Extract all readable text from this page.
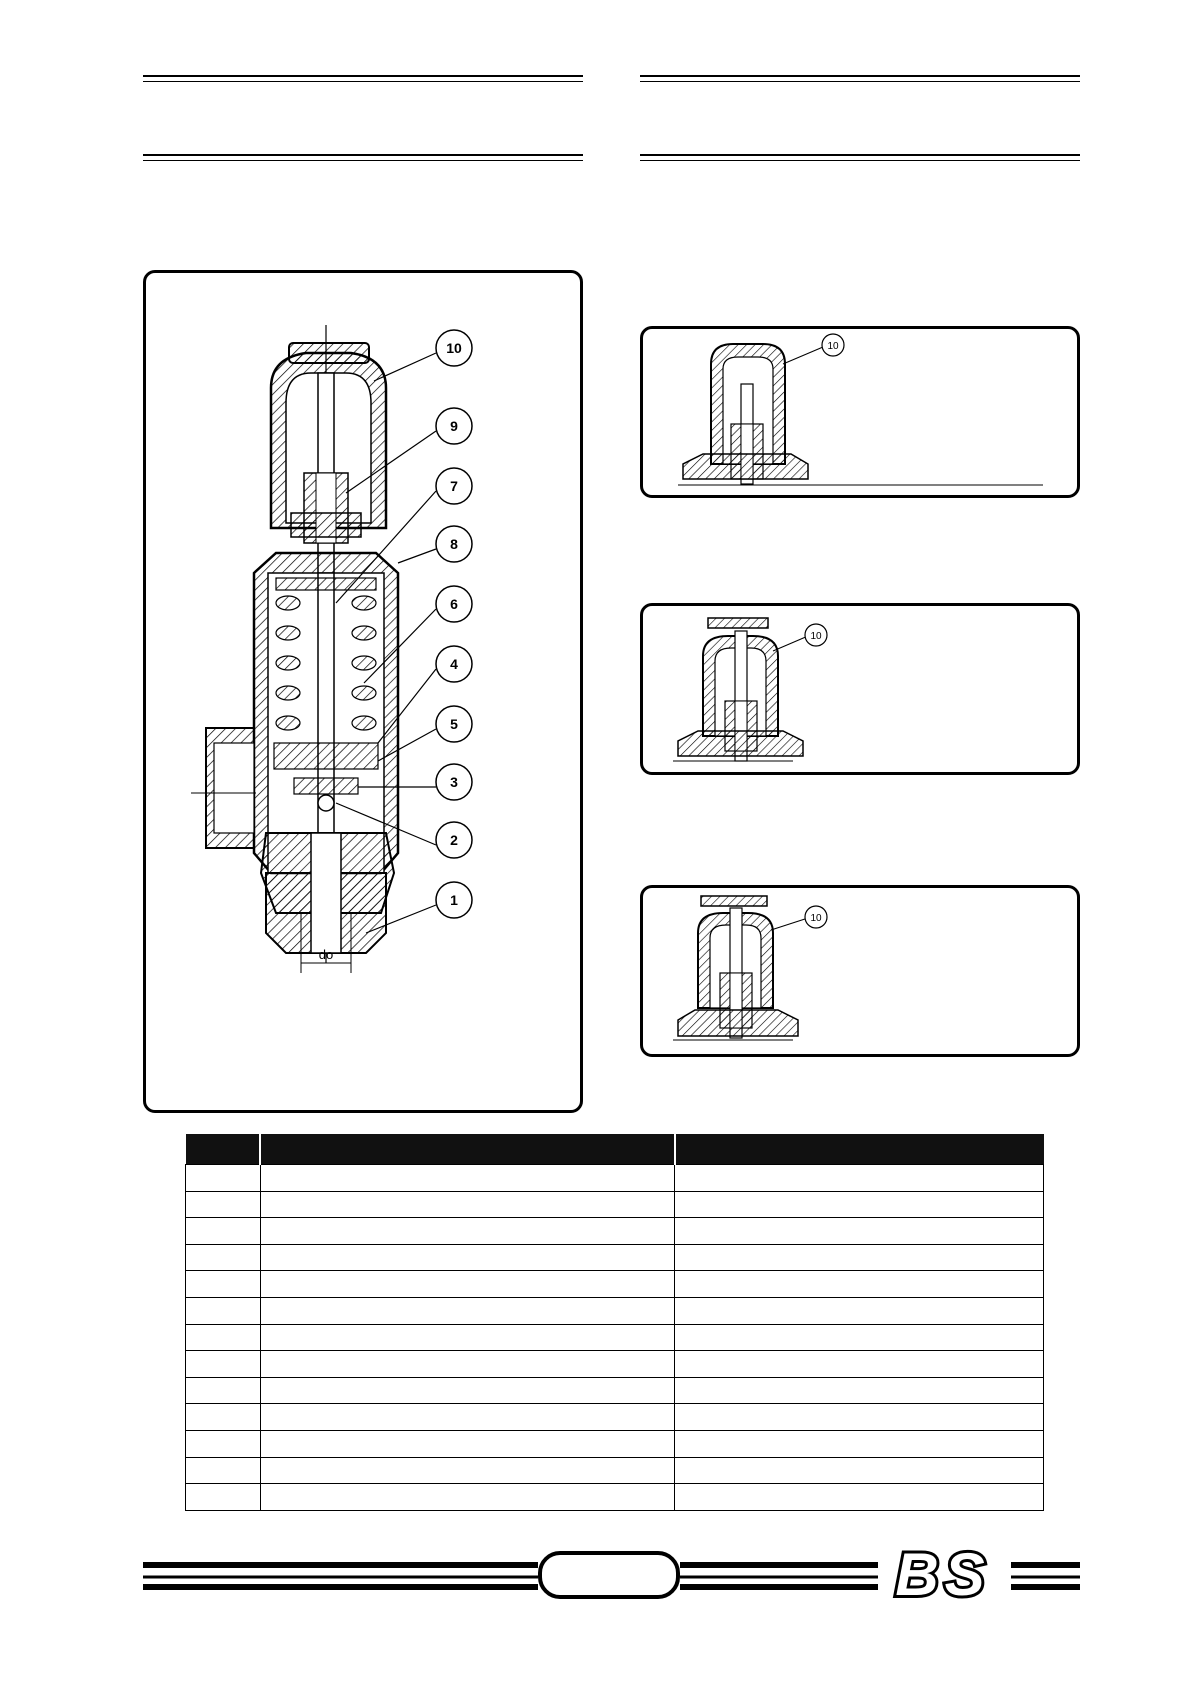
do
10
9
7
8
6
4
5
3
2
1
10
10
10

BS
